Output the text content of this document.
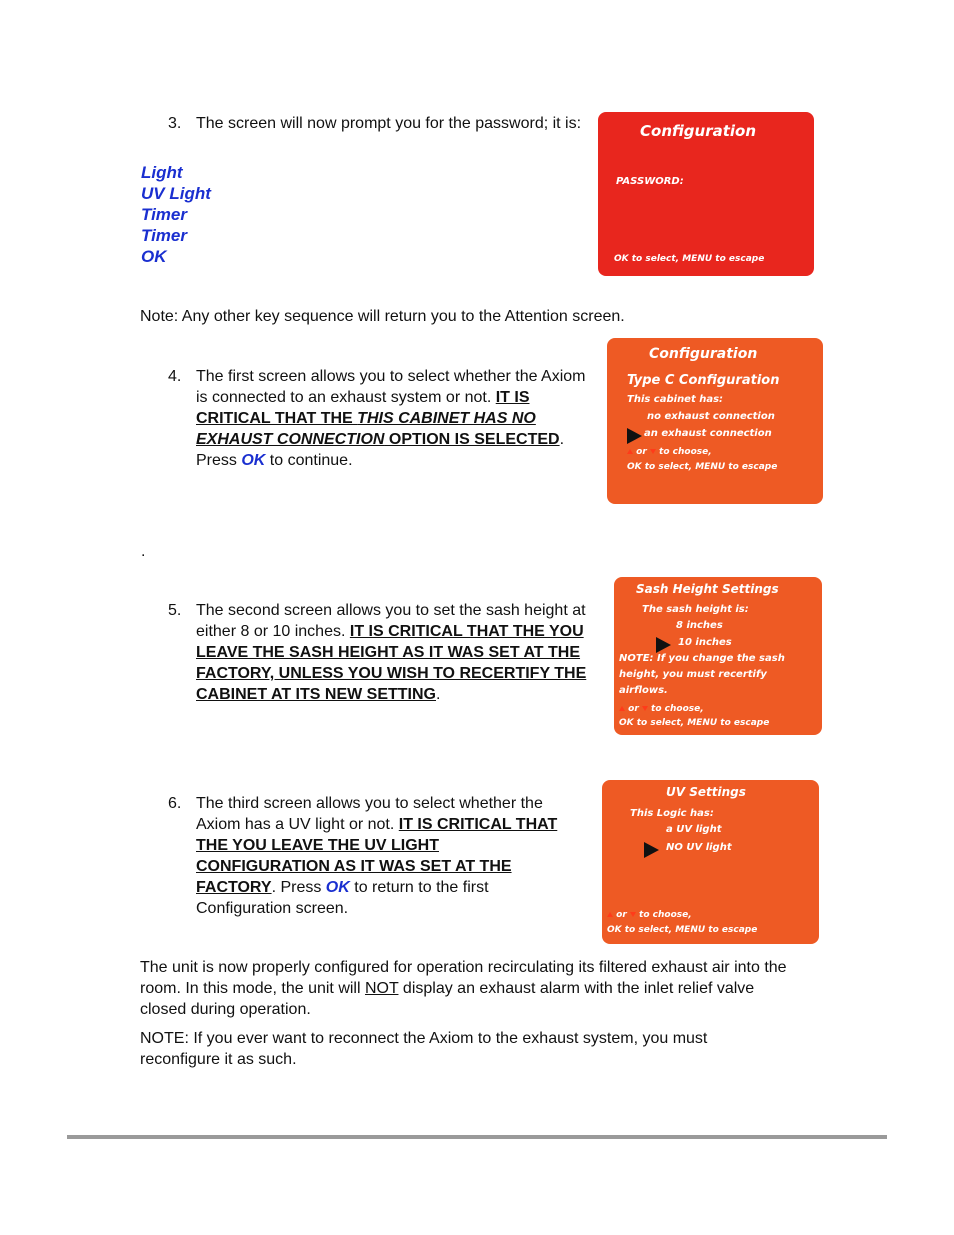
3. The screen will now prompt you for the password; it is:
Light
UV Light
Timer
Timer
OK
Configuration
PASSWORD:
OK to select, MENU to escape
Note: Any other key sequence will return you to the Attention screen.
4. The first screen allows you to select whether the Axiom is connected to an exhaust system or not. IT IS CRITICAL THAT THE THIS CABINET HAS NO EXHAUST CONNECTION OPTION IS SELECTED. Press OK to continue.
Configuration
Type C Configuration
This cabinet has:
no exhaust connection
an exhaust connection
or to choose,
OK to select, MENU to escape
.
5. The second screen allows you to set the sash height at either 8 or 10 inches. IT IS CRITICAL THAT THE YOU LEAVE THE SASH HEIGHT AS IT WAS SET AT THE FACTORY, UNLESS YOU WISH TO RECERTIFY THE CABINET AT ITS NEW SETTING.
Sash Height Settings
The sash height is:
8 inches
10 inches
NOTE: If you change the sash
height, you must recertify
airflows.
or to choose,
OK to select, MENU to escape
6. The third screen allows you to select whether the Axiom has a UV light or not. IT IS CRITICAL THAT THE YOU LEAVE THE UV LIGHT CONFIGURATION AS IT WAS SET AT THE FACTORY. Press OK to return to the first Configuration screen.
UV Settings
This Logic has:
a UV light
NO UV light
or to choose,
OK to select, MENU to escape

The unit is now properly configured for operation recirculating its filtered exhaust air into the room. In this mode, the unit will NOT display an exhaust alarm with the inlet relief valve closed during operation.

NOTE: If you ever want to reconnect the Axiom to the exhaust system, you must reconfigure it as such.
